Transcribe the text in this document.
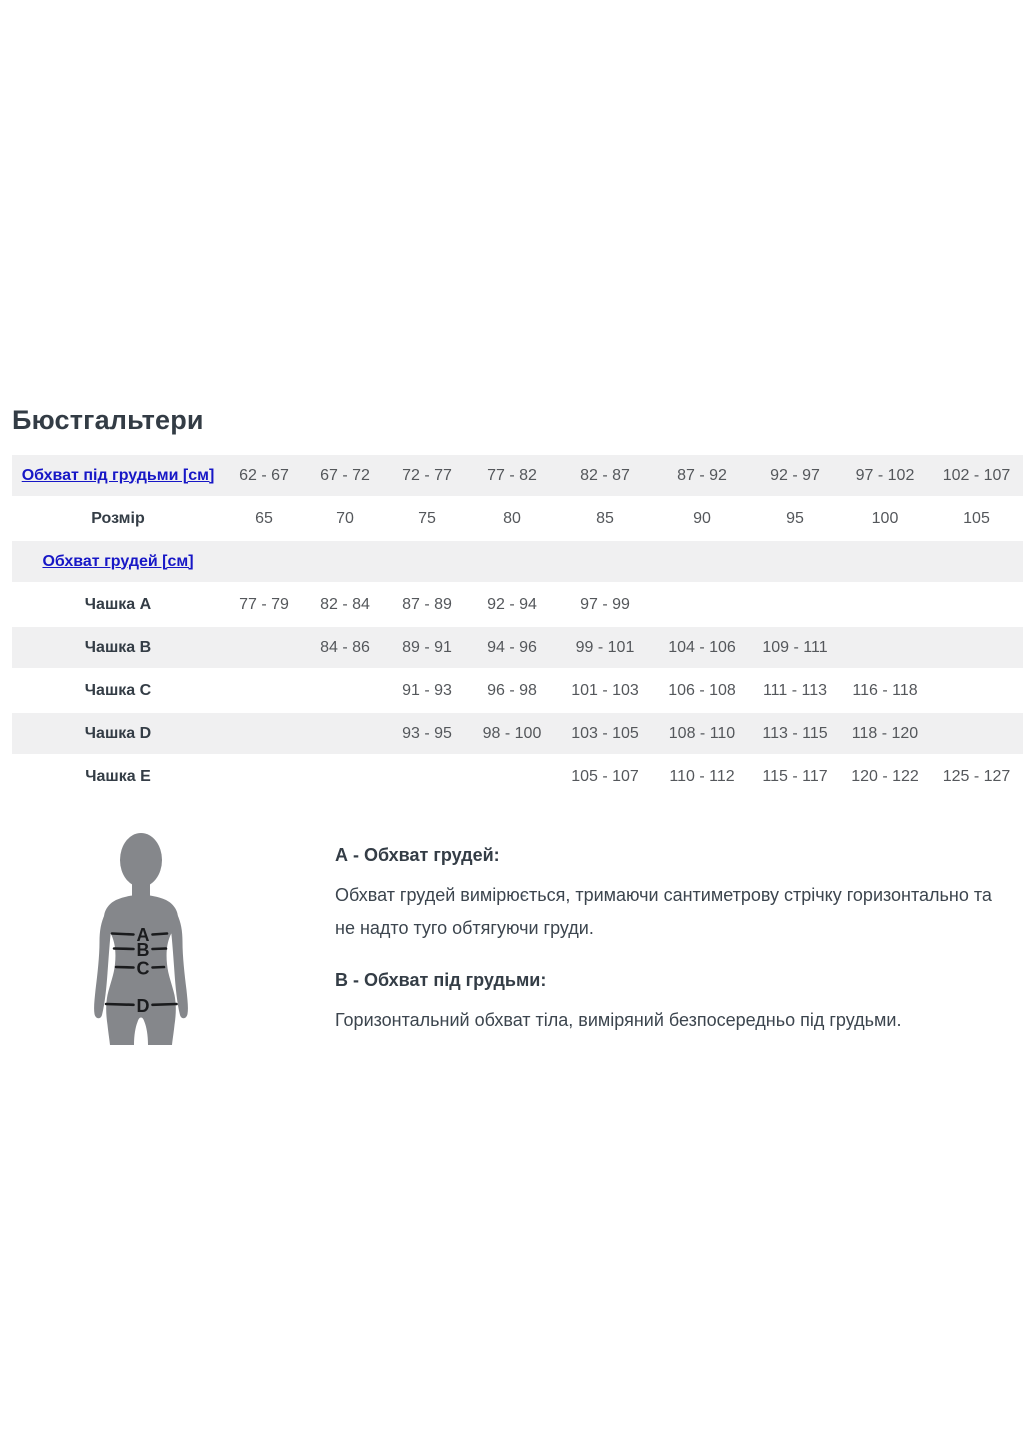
Бюстгальтери
Обхват під грудьми [см]	62 - 67	67 - 72	72 - 77	77 - 82	82 - 87	87 - 92	92 - 97	97 - 102	102 - 107
Розмір	65	70	75	80	85	90	95	100	105
Обхват грудей [см]									
Чашка A	77 - 79	82 - 84	87 - 89	92 - 94	97 - 99				
Чашка B		84 - 86	89 - 91	94 - 96	99 - 101	104 - 106	109 - 111		
Чашка C			91 - 93	96 - 98	101 - 103	106 - 108	111 - 113	116 - 118	
Чашка D			93 - 95	98 - 100	103 - 105	108 - 110	113 - 115	118 - 120	
Чашка E					105 - 107	110 - 112	115 - 117	120 - 122	125 - 127
A
B
C
D
А - Обхват грудей:

Обхват грудей вимірюється, тримаючи сантиметрову стрічку горизонтально та не надто туго обтягуючи груди.

В - Обхват під грудьми:

Горизонтальний обхват тіла, виміряний безпосередньо під грудьми.
